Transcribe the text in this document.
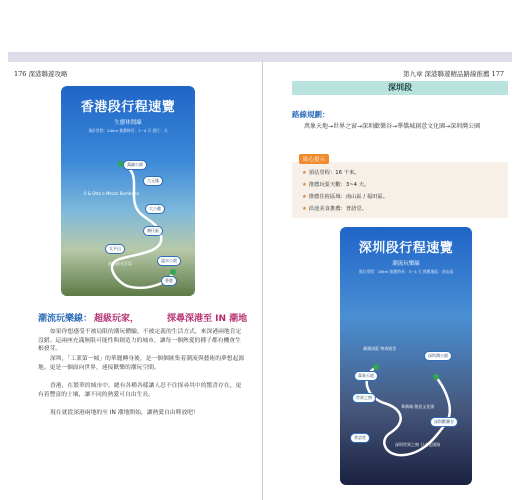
176 深港聯遊攻略	第九章 深港聯遊精品路線推薦 177
香港段行程速覽
生態休閒線
預計里程：24km 推薦時長：1~4 天 湛江：天
萬錦公園
大元墟
0 & Otto e Mezzo Bombana
大公雞
灣仔區
太平山
前海星光半島
溫水公園
香港
潮流玩樂線： 超級玩家，	探尋深港至 IN 潮地
如果你想感受不被局限的潮玩體驗，不被定義的生活方式，來深港兩地肯定沒錯。這兩座充滿無限可能性與創造力的城市，讓每一個熱愛的種子都有機會生根發芽。
深圳，「工業第一城」的華麗轉身後，是一個個匯集着潮流與藝術的夢想起源地。更是一個面向世界，連接歡樂的潮玩空間。
香港，在繁華的城市中，總有各種各樣讓人忍不住探尋其中的驚喜存在，更有着豐富的土壤，讓不同的熱愛可自由生長。
現在就從深港兩地的至 IN 潮地開始，讓熱愛自由釋放吧！
深圳段
路線規劃：
萬象天地→世界之窗→深圳歡樂谷→華僑城創意文化園→深圳灣公園
貼心提示
★ 預估里程：16 千米。
★ 推薦玩耍天數：3~4 天。
★ 推薦住宿區域：南山區 / 福田區。
★ 沿途美食推薦：普語堂。
深圳段行程速覽
潮流玩樂線
預計里程：16km 推薦時長：3~4 天 推薦地區：南山區
瀨澗深藍 物命殿堂
深圳灣公園
萬象天地
世界之窗
華僑城 創意文化園
深圳歡樂谷
普語堂
深圳世界之窗 日式花園路
